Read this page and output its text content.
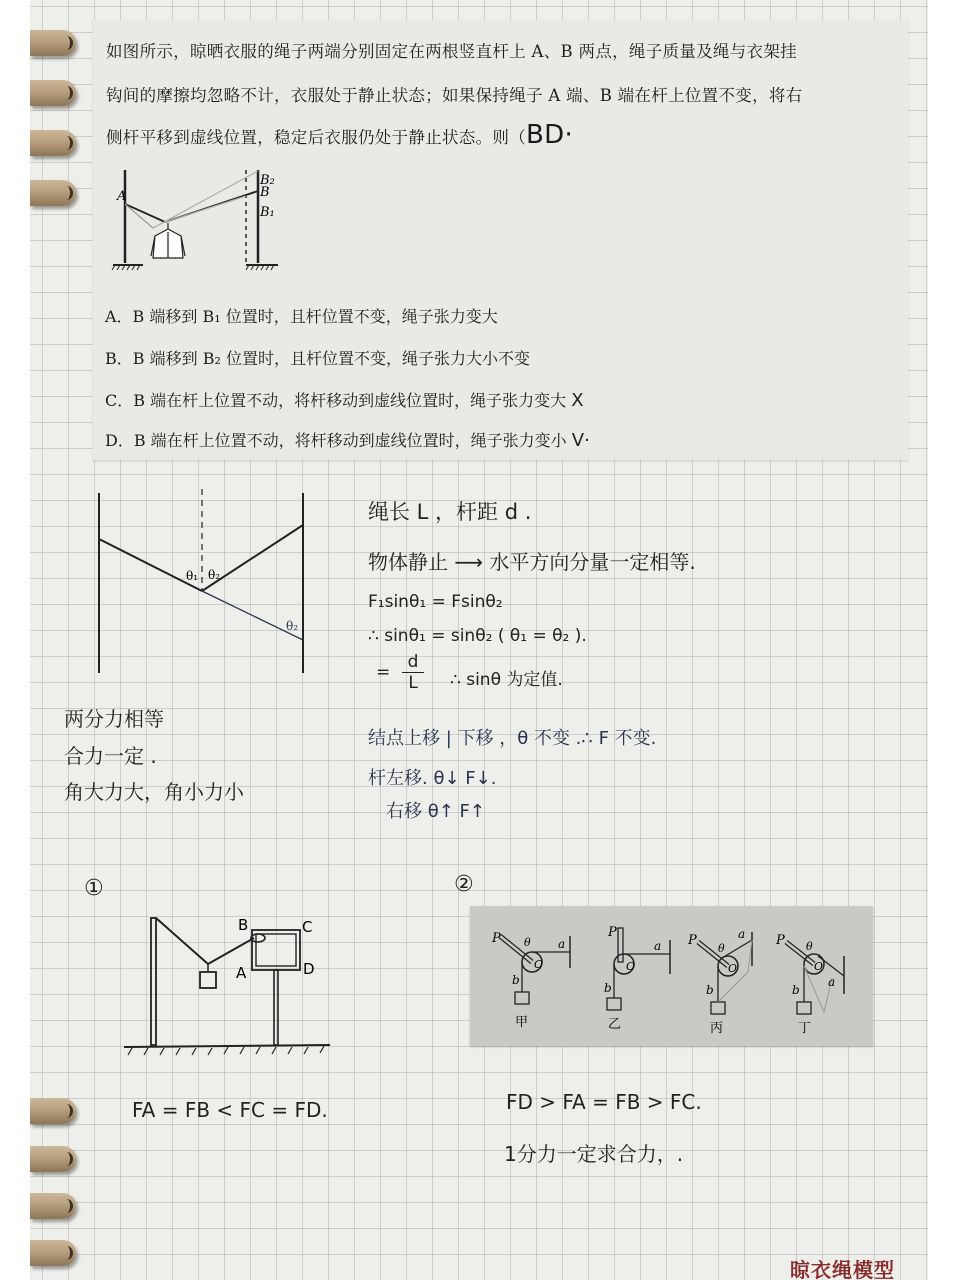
如图所示，晾晒衣服的绳子两端分别固定在两根竖直杆上 A、B 两点，绳子质量及绳与衣架挂
钩间的摩擦均忽略不计，衣服处于静止状态；如果保持绳子 A 端、B 端在杆上位置不变，将右
侧杆平移到虚线位置，稳定后衣服仍处于静止状态。则（BD·
A
B₂
B
B₁
A．B 端移到 B₁ 位置时，且杆位置不变，绳子张力变大
B．B 端移到 B₂ 位置时，且杆位置不变，绳子张力大小不变
C．B 端在杆上位置不动，将杆移动到虚线位置时，绳子张力变大 X
D．B 端在杆上位置不动，将杆移动到虚线位置时，绳子张力变小 V·
θ₁ θ₂
θ₂
绳长 L ，杆距 d .
物体静止 ⟶ 水平方向分量一定相等.
F₁sinθ₁ = Fsinθ₂
∴ sinθ₁ = sinθ₂ ( θ₁ = θ₂ ).
= $\frac{d}{L}$ ∴ sinθ 为定值.
两分力相等
合力一定 .
角大力大，角小力小
结点上移 | 下移 ，θ 不变 .∴ F 不变.
杆左移. θ↓ F↓.
右移 θ↑ F↑
①
B	C
A	D
FA = FB < FC = FD.
②
P θ
O
a
b
甲
P
O
a
b
乙
P
θ
O
a
b
丙
P θ
O
a
b
丁
FD > FA = FB > FC.
1分力一定求合力，.
晾衣绳模型
